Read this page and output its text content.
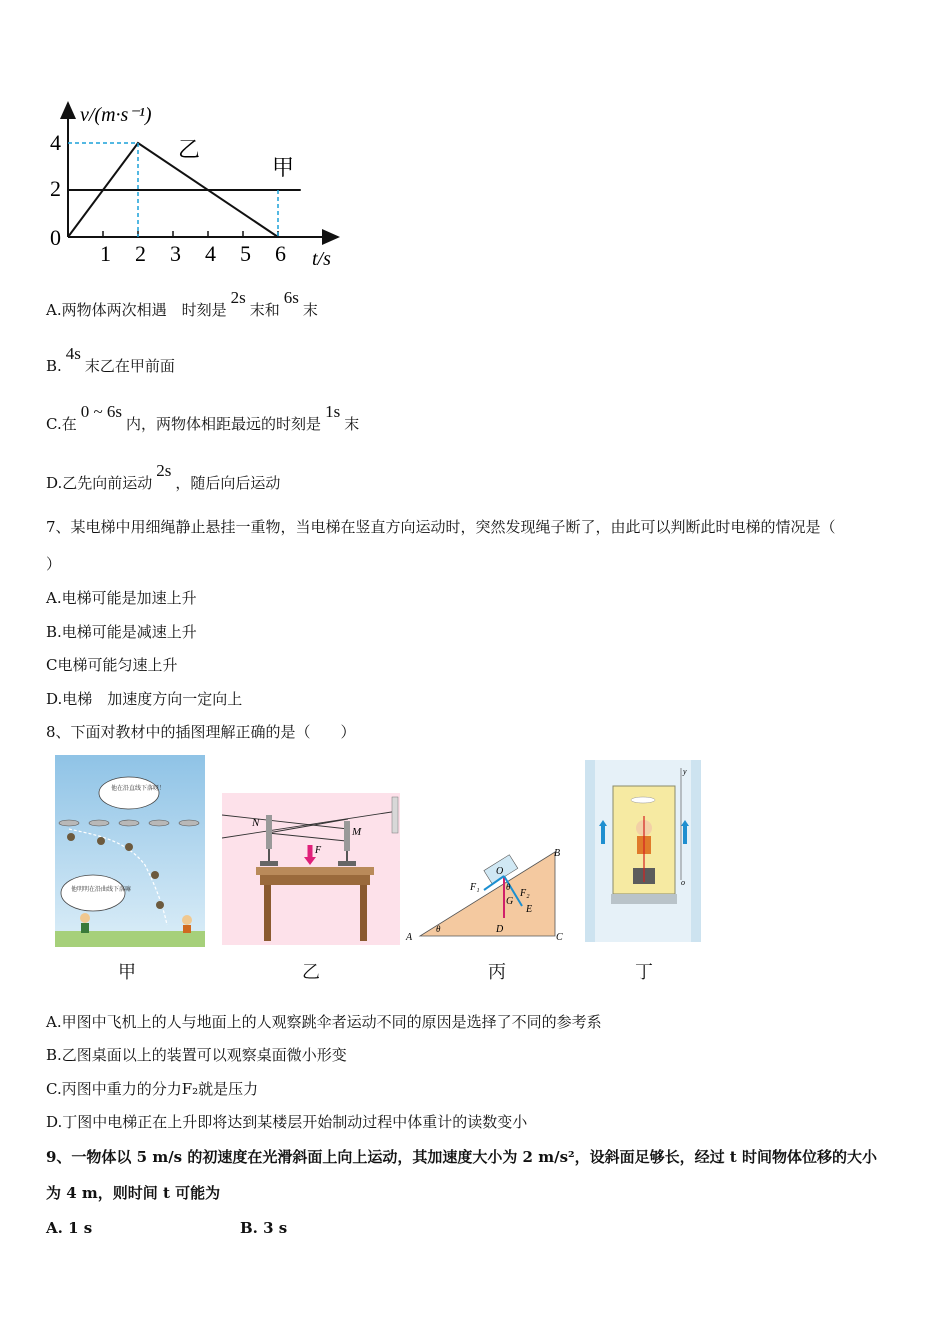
v/(m·s⁻¹)
t/s
4
2
0
1 2 3 4 5 6
乙
甲
A.两物体两次相遇　时刻是2s末和6s末
B.4s末乙在甲前面
C.在0 ~ 6s内，两物体相距最远的时刻是1s末
D.乙先向前运动2s，随后向后运动
7、某电梯中用细绳静止悬挂一重物，当电梯在竖直方向运动时，突然发现绳子断了，由此可以判断此时电梯的情况是（
）
A.电梯可能是加速上升
B.电梯可能是减速上升
C电梯可能匀速上升
D.电梯　加速度方向一定向上
8、下面对教材中的插图理解正确的是（　　）
他在沿直线下落呀！
他明明在沿曲线下落嘛
甲
N
M
F
乙
B
O
F₁	θ
F₂
G
E
A
θ	D
C
丙
y
o
丁
A.甲图中飞机上的人与地面上的人观察跳伞者运动不同的原因是选择了不同的参考系
B.乙图桌面以上的装置可以观察桌面微小形变
C.丙图中重力的分力F₂就是压力
D.丁图中电梯正在上升即将达到某楼层开始制动过程中体重计的读数变小
9、一物体以 5 m/s 的初速度在光滑斜面上向上运动，其加速度大小为 2 m/s²，设斜面足够长，经过 t 时间物体位移的大小
为 4 m，则时间 t 可能为
A. 1 s	B. 3 s
